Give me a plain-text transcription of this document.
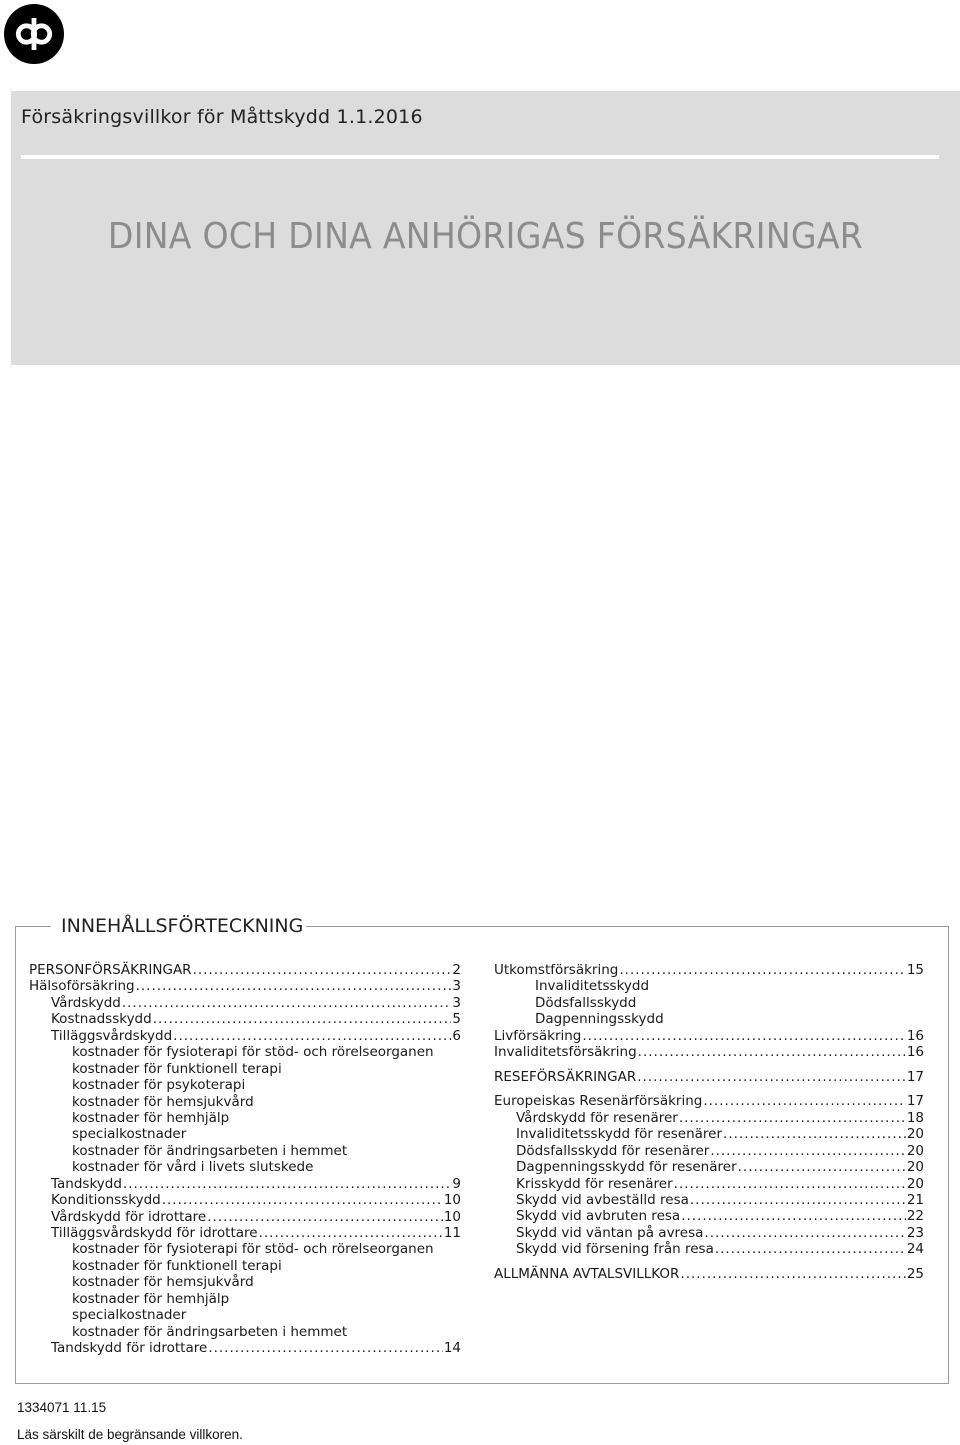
Försäkringsvillkor för Måttskydd 1.1.2016
DINA OCH DINA ANHÖRIGAS FÖRSÄKRINGAR
INNEHÅLLSFÖRTECKNING
PERSONFÖRSÄKRINGAR .....	2
Hälsoförsäkring .....	3
Vårdskydd .....	3
Kostnadsskydd .....	5
Tilläggsvårdskydd .....	6
kostnader för fysioterapi för stöd- och rörelseorganen
kostnader för funktionell terapi
kostnader för psykoterapi
kostnader för hemsjukvård
kostnader för hemhjälp
specialkostnader
kostnader för ändringsarbeten i hemmet
kostnader för vård i livets slutskede
Tandskydd .....	9
Konditionsskydd .....	10
Vårdskydd för idrottare .....	10
Tilläggsvårdskydd för idrottare .....	11
kostnader för fysioterapi för stöd- och rörelseorganen
kostnader för funktionell terapi
kostnader för hemsjukvård
kostnader för hemhjälp
specialkostnader
kostnader för ändringsarbeten i hemmet
Tandskydd för idrottare .....	14
Utkomstförsäkring .....	15
Invaliditetsskydd
Dödsfallsskydd
Dagpenningsskydd
Livförsäkring .....	16
Invaliditetsförsäkring .....	16
RESEFÖRSÄKRINGAR .....	17
Europeiskas Resenärförsäkring .....	17
Vårdskydd för resenärer .....	18
Invaliditetsskydd för resenärer .....	20
Dödsfallsskydd för resenärer .....	20
Dagpenningsskydd för resenärer .....	20
Krisskydd för resenärer .....	20
Skydd vid avbeställd resa .....	21
Skydd vid avbruten resa .....	22
Skydd vid väntan på avresa .....	23
Skydd vid försening från resa .....	24
ALLMÄNNA AVTALSVILLKOR .....	25
1334071 11.15
Läs särskilt de begränsande villkoren.
